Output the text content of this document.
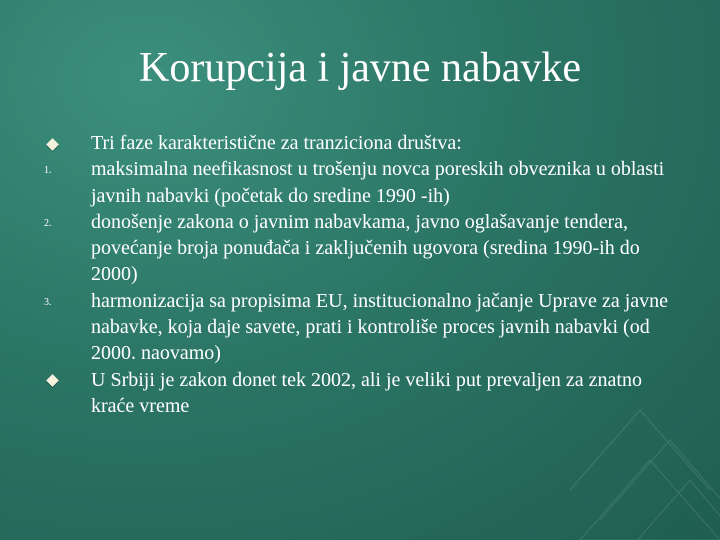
Korupcija i javne nabavke
Tri faze karakteristične za tranziciona društva:
1. maksimalna neefikasnost u trošenju novca poreskih obveznika u oblasti javnih nabavki (početak do sredine 1990 -ih)
2. donošenje zakona o javnim nabavkama, javno oglašavanje tendera, povećanje broja ponuđača i zaključenih ugovora (sredina 1990-ih do 2000)
3. harmonizacija sa propisima EU, institucionalno jačanje Uprave za javne nabavke, koja daje savete, prati i kontroliše proces javnih nabavki (od 2000. naovamo)
U Srbiji je zakon donet tek 2002, ali je veliki put prevaljen za znatno kraće vreme
